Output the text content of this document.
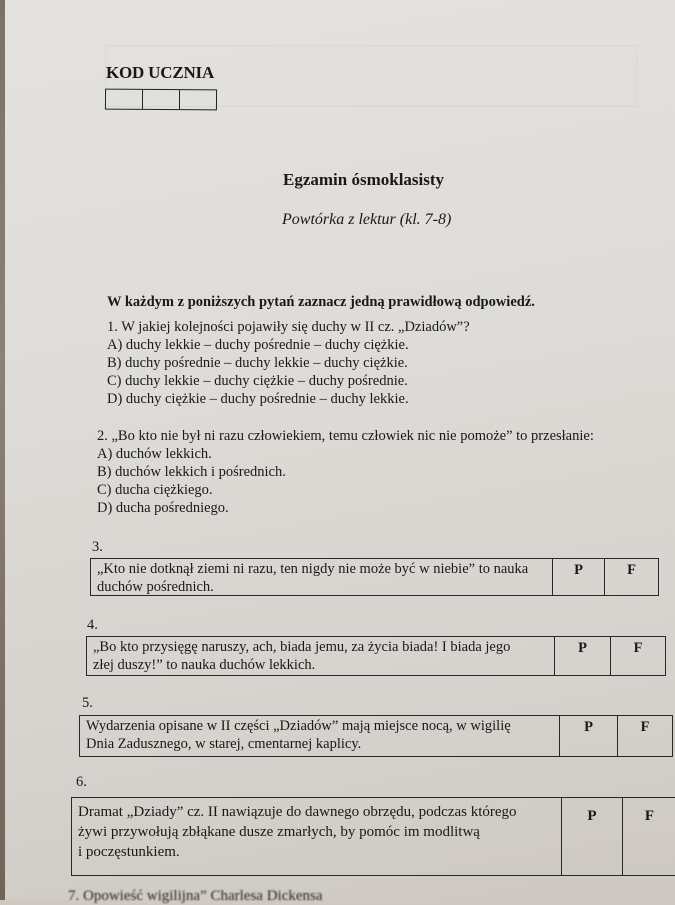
KOD UCZNIA
Egzamin ósmoklasisty
Powtórka z lektur (kl. 7-8)
W każdym z poniższych pytań zaznacz jedną prawidłową odpowiedź.
1. W jakiej kolejności pojawiły się duchy w II cz. „Dziadów”?
A) duchy lekkie – duchy pośrednie – duchy ciężkie.
B) duchy pośrednie – duchy lekkie – duchy ciężkie.
C) duchy lekkie – duchy ciężkie – duchy pośrednie.
D) duchy ciężkie – duchy pośrednie – duchy lekkie.
2. „Bo kto nie był ni razu człowiekiem, temu człowiek nic nie pomoże” to przesłanie:
A) duchów lekkich.
B) duchów lekkich i pośrednich.
C) ducha ciężkiego.
D) ducha pośredniego.
3.
„Kto nie dotknął ziemi ni razu, ten nigdy nie może być w niebie” to nauka
duchów pośrednich.
P	F
4.
„Bo kto przysięgę naruszy, ach, biada jemu, za życia biada! I biada jego
złej duszy!” to nauka duchów lekkich.
P	F
5.
Wydarzenia opisane w II części „Dziadów” mają miejsce nocą, w wigilię
Dnia Zadusznego, w starej, cmentarnej kaplicy.
P	F
6.
Dramat „Dziady” cz. II nawiązuje do dawnego obrzędu, podczas którego
żywi przywołują zbłąkane dusze zmarłych, by pomóc im modlitwą
i poczęstunkiem.
P	F
7. Opowieść wigilijna” Charlesa Dickensa
